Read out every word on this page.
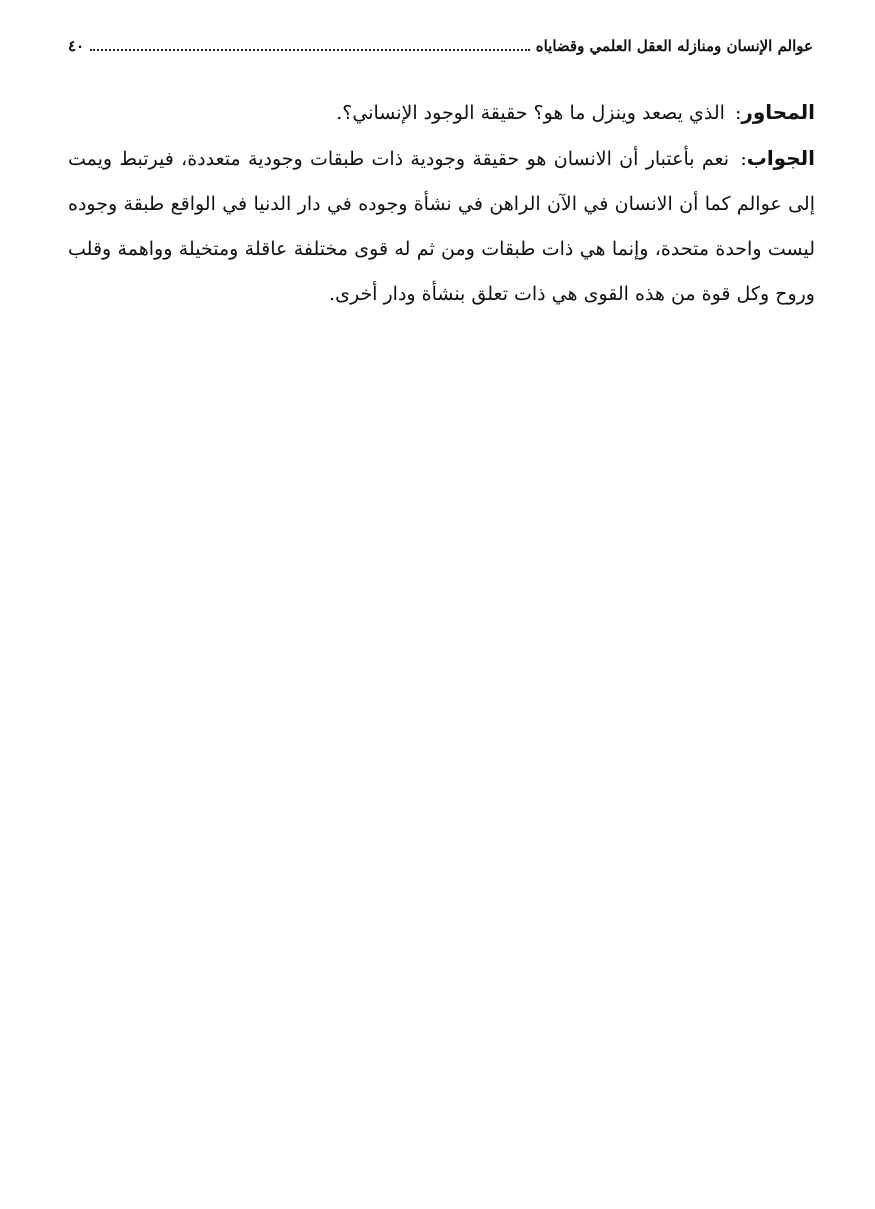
عوالم الإنسان ومنازله العقل العلمي وقضاياه
٤٠

المحاور: الذي يصعد وينزل ما هو؟ حقيقة الوجود الإنساني؟.

الجواب: نعم بأعتبار أن الانسان هو حقيقة وجودية ذات طبقات وجودية متعددة، فيرتبط ويمت إلى عوالم كما أن الانسان في الآن الراهن في نشأة وجوده في دار الدنيا في الواقع طبقة وجوده ليست واحدة متحدة، وإنما هي ذات طبقات ومن ثم له قوى مختلفة عاقلة ومتخيلة وواهمة وقلب وروح وكل قوة من هذه القوى هي ذات تعلق بنشأة ودار أخرى.
